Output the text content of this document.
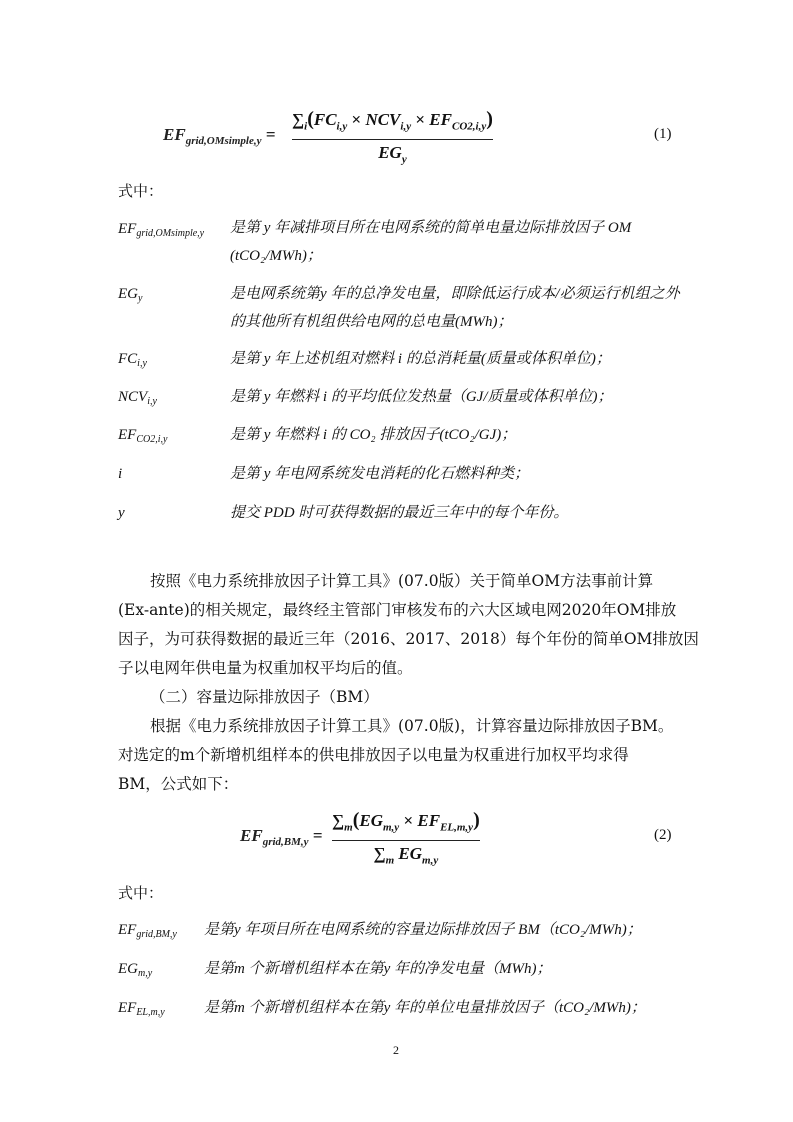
$EF_{grid,OMsimple,y}$ =
$\sum_i(FC_{i,y} \times NCV_{i,y} \times EF_{CO2,i,y})$
$EG_y$
(1)
式中：
$EF_{grid,OMsimple,y}$ 是第 y 年减排项目所在电网系统的简单电量边际排放因子 OM (tCO₂/MWh)；
$EG_y$	是电网系统第y 年的总净发电量，即除低运行成本/必须运行机组之外的其他所有机组供给电网的总电量(MWh)；
$FC_{i,y}$	是第 y 年上述机组对燃料 i 的总消耗量(质量或体积单位)；
$NCV_{i,y}$	是第 y 年燃料 i 的平均低位发热量（GJ/质量或体积单位)；
$EF_{CO2,i,y}$	是第 y 年燃料 i 的 CO₂ 排放因子(tCO₂/GJ)；
i	是第 y 年电网系统发电消耗的化石燃料种类；
y	提交 PDD 时可获得数据的最近三年中的每个年份。
按照《电力系统排放因子计算工具》(07.0版）关于简单OM方法事前计算
(Ex-ante)的相关规定，最终经主管部门审核发布的六大区域电网2020年OM排放
因子，为可获得数据的最近三年（2016、2017、2018）每个年份的简单OM排放因
子以电网年供电量为权重加权平均后的值。
（二）容量边际排放因子（BM）
根据《电力系统排放因子计算工具》(07.0版)，计算容量边际排放因子BM。
对选定的m个新增机组样本的供电排放因子以电量为权重进行加权平均求得
BM，公式如下：
$EF_{grid,BM,y}$ =
$\sum_m(EG_{m,y} \times EF_{EL,m,y})$
$\sum_m$ $EG_{m,y}$
(2)
式中：
$EF_{grid,BM,y}$ 是第y 年项目所在电网系统的容量边际排放因子 BM（tCO₂/MWh)；
$EG_{m,y}$	是第m 个新增机组样本在第y 年的净发电量（MWh)；
$EF_{EL,m,y}$	是第m 个新增机组样本在第y 年的单位电量排放因子（tCO₂/MWh)；
2
